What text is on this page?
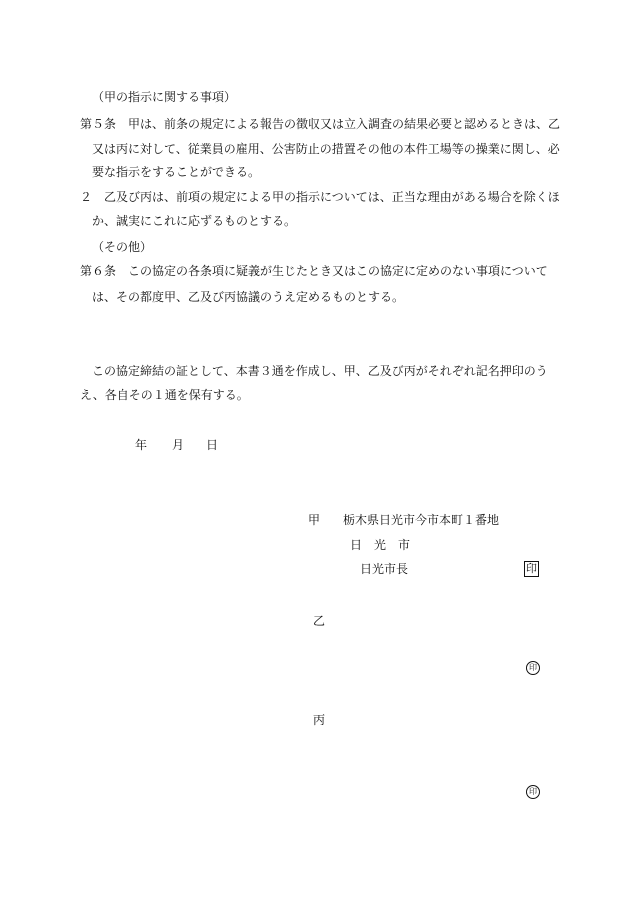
（甲の指示に関する事項）
第５条　甲は、前条の規定による報告の徴収又は立入調査の結果必要と認めるときは、乙
又は丙に対して、従業員の雇用、公害防止の措置その他の本件工場等の操業に関し、必
要な指示をすることができる。
２　乙及び丙は、前項の規定による甲の指示については、正当な理由がある場合を除くほ
か、誠実にこれに応ずるものとする。
（その他）
第６条　この協定の各条項に疑義が生じたとき又はこの協定に定めのない事項について
は、その都度甲、乙及び丙協議のうえ定めるものとする。
この協定締結の証として、本書３通を作成し、甲、乙及び丙がそれぞれ記名押印のう
え、各自その１通を保有する。
年 月 日
甲 栃木県日光市今市本町１番地
日　光　市
日光市長	印
乙
印
丙
印
